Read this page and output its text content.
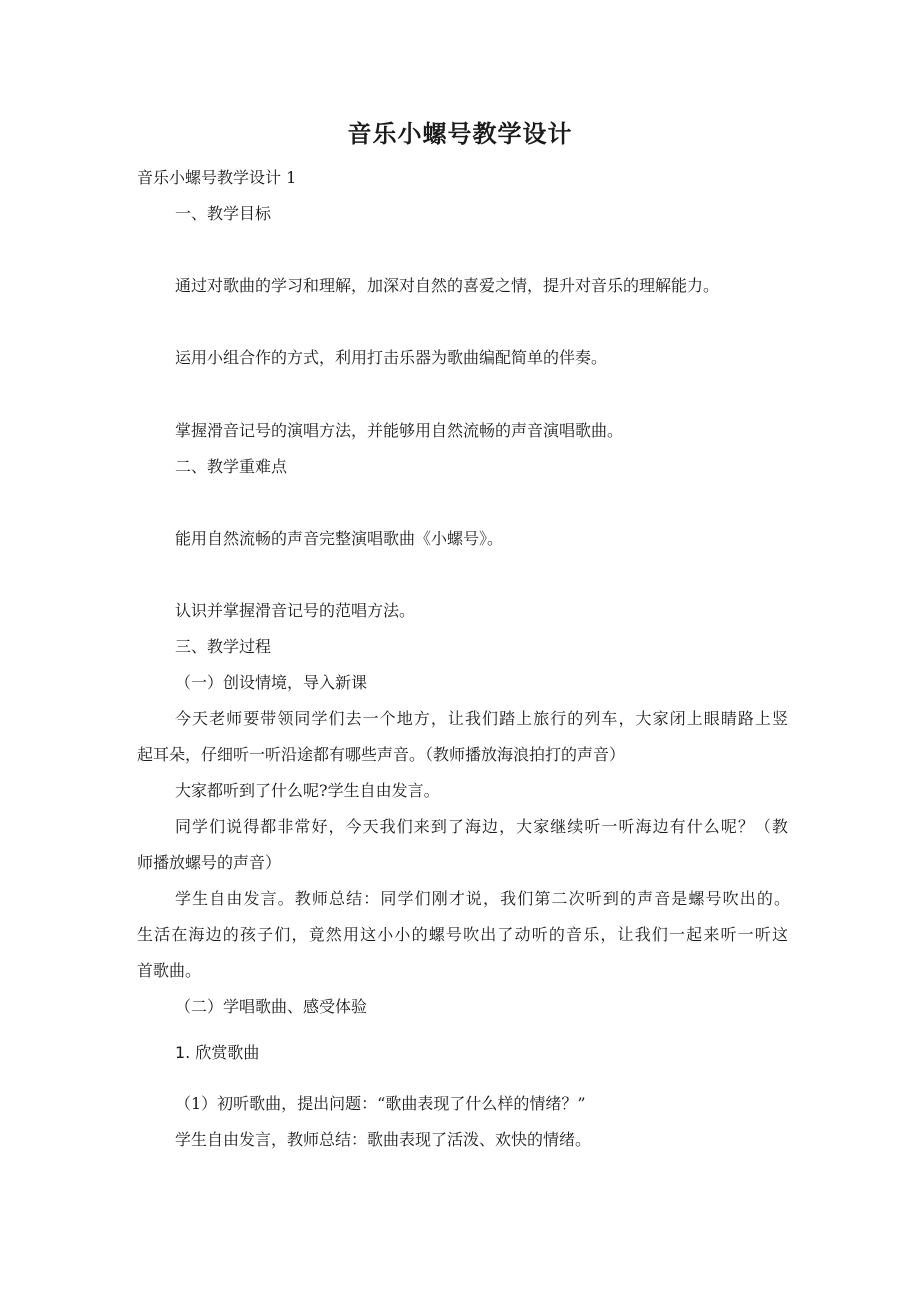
音乐小螺号教学设计
音乐小螺号教学设计 1
一、教学目标
通过对歌曲的学习和理解，加深对自然的喜爱之情，提升对音乐的理解能力。
运用小组合作的方式，利用打击乐器为歌曲编配简单的伴奏。
掌握滑音记号的演唱方法，并能够用自然流畅的声音演唱歌曲。
二、教学重难点
能用自然流畅的声音完整演唱歌曲《小螺号》。
认识并掌握滑音记号的范唱方法。
三、教学过程
（一）创设情境，导入新课
今天老师要带领同学们去一个地方，让我们踏上旅行的列车，大家闭上眼睛路上竖
起耳朵，仔细听一听沿途都有哪些声音。（教师播放海浪拍打的声音）
大家都听到了什么呢?学生自由发言。
同学们说得都非常好，今天我们来到了海边，大家继续听一听海边有什么呢？（教
师播放螺号的声音）
学生自由发言。教师总结：同学们刚才说，我们第二次听到的声音是螺号吹出的。
生活在海边的孩子们，竟然用这小小的螺号吹出了动听的音乐，让我们一起来听一听这
首歌曲。
（二）学唱歌曲、感受体验
1. 欣赏歌曲
（1）初听歌曲，提出问题：“歌曲表现了什么样的情绪？”
学生自由发言，教师总结：歌曲表现了活泼、欢快的情绪。
